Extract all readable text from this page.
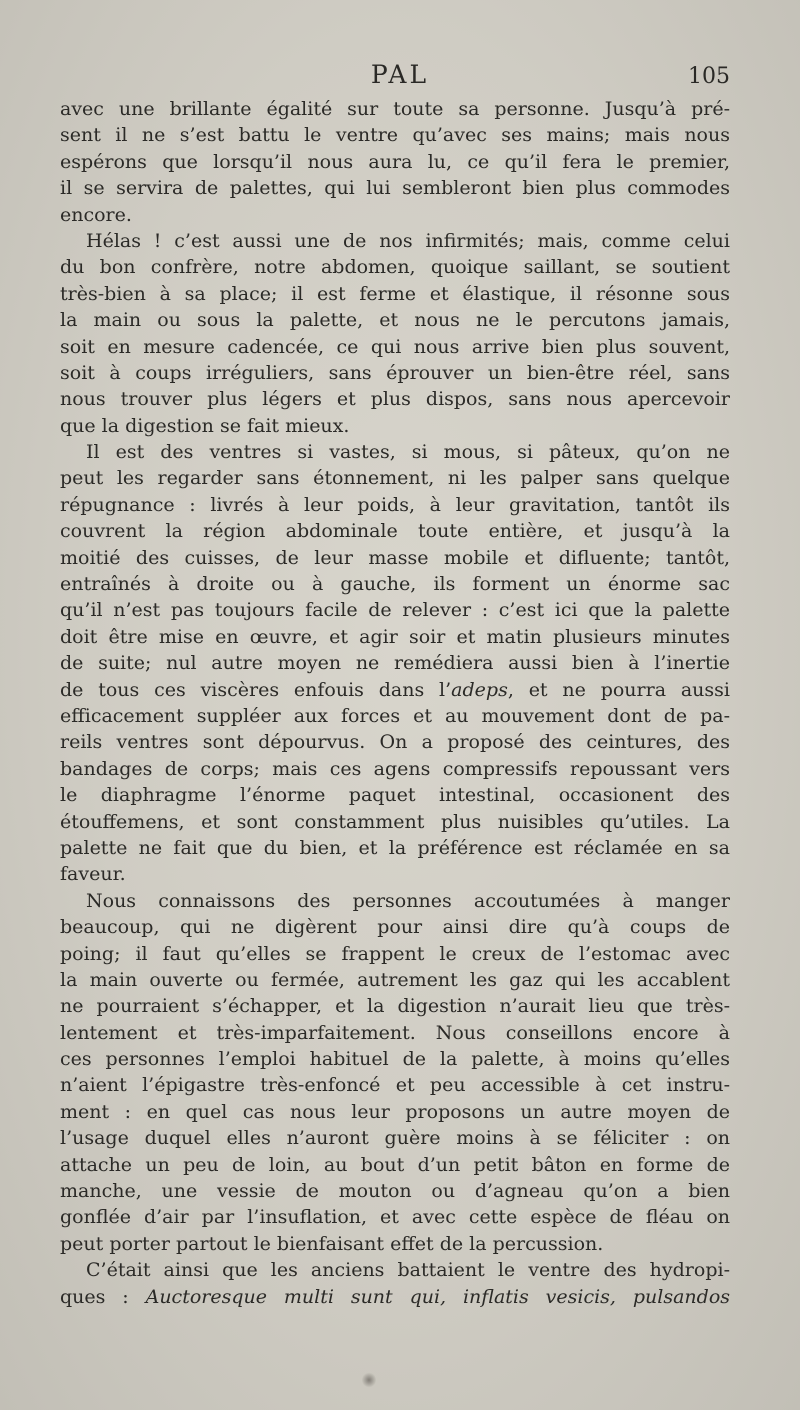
PAL	105
avec une brillante égalité sur toute sa personne. Jusqu’à pré-
sent il ne s’est battu le ventre qu’avec ses mains; mais nous
espérons que lorsqu’il nous aura lu, ce qu’il fera le premier,
il se servira de palettes, qui lui sembleront bien plus commodes
encore.
Hélas ! c’est aussi une de nos infirmités; mais, comme celui
du bon confrère, notre abdomen, quoique saillant, se soutient
très-bien à sa place; il est ferme et élastique, il résonne sous
la main ou sous la palette, et nous ne le percutons jamais,
soit en mesure cadencée, ce qui nous arrive bien plus souvent,
soit à coups irréguliers, sans éprouver un bien-être réel, sans
nous trouver plus légers et plus dispos, sans nous apercevoir
que la digestion se fait mieux.
Il est des ventres si vastes, si mous, si pâteux, qu’on ne
peut les regarder sans étonnement, ni les palper sans quelque
répugnance : livrés à leur poids, à leur gravitation, tantôt ils
couvrent la région abdominale toute entière, et jusqu’à la
moitié des cuisses, de leur masse mobile et difluente; tantôt,
entraînés à droite ou à gauche, ils forment un énorme sac
qu’il n’est pas toujours facile de relever : c’est ici que la palette
doit être mise en œuvre, et agir soir et matin plusieurs minutes
de suite; nul autre moyen ne remédiera aussi bien à l’inertie
de tous ces viscères enfouis dans l’adeps, et ne pourra aussi
efficacement suppléer aux forces et au mouvement dont de pa-
reils ventres sont dépourvus. On a proposé des ceintures, des
bandages de corps; mais ces agens compressifs repoussant vers
le diaphragme l’énorme paquet intestinal, occasionent des
étouffemens, et sont constamment plus nuisibles qu’utiles. La
palette ne fait que du bien, et la préférence est réclamée en sa
faveur.
Nous connaissons des personnes accoutumées à manger
beaucoup, qui ne digèrent pour ainsi dire qu’à coups de
poing; il faut qu’elles se frappent le creux de l’estomac avec
la main ouverte ou fermée, autrement les gaz qui les accablent
ne pourraient s’échapper, et la digestion n’aurait lieu que très-
lentement et très-imparfaitement. Nous conseillons encore à
ces personnes l’emploi habituel de la palette, à moins qu’elles
n’aient l’épigastre très-enfoncé et peu accessible à cet instru-
ment : en quel cas nous leur proposons un autre moyen de
l’usage duquel elles n’auront guère moins à se féliciter : on
attache un peu de loin, au bout d’un petit bâton en forme de
manche, une vessie de mouton ou d’agneau qu’on a bien
gonflée d’air par l’insuflation, et avec cette espèce de fléau on
peut porter partout le bienfaisant effet de la percussion.
C’était ainsi que les anciens battaient le ventre des hydropi-
ques : Auctoresque multi sunt qui, inflatis vesicis, pulsandos
